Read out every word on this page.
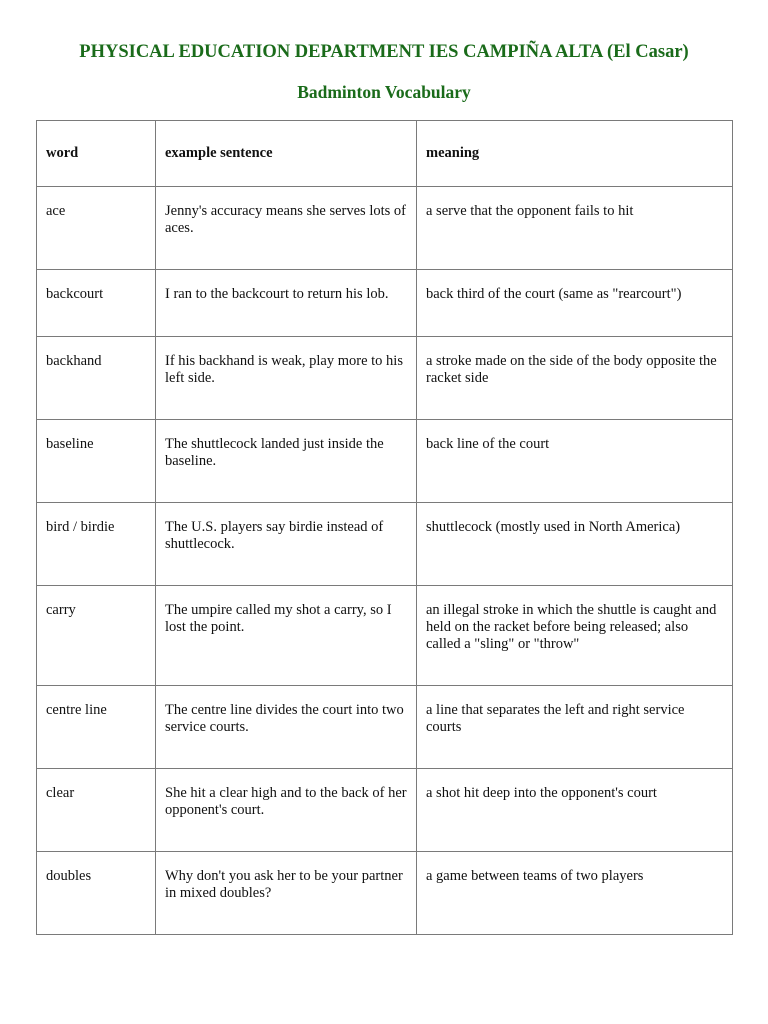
PHYSICAL EDUCATION DEPARTMENT IES CAMPIÑA ALTA (El Casar)
Badminton Vocabulary
word	example sentence	meaning
ace	Jenny's accuracy means she serves lots of aces.	a serve that the opponent fails to hit
backcourt	I ran to the backcourt to return his lob.	back third of the court (same as "rearcourt")
backhand	If his backhand is weak, play more to his left side.	a stroke made on the side of the body opposite the racket side
baseline	The shuttlecock landed just inside the baseline.	back line of the court
bird / birdie	The U.S. players say birdie instead of shuttlecock.	shuttlecock (mostly used in North America)
carry	The umpire called my shot a carry, so I lost the point.	an illegal stroke in which the shuttle is caught and held on the racket before being released; also called a "sling" or "throw"
centre line	The centre line divides the court into two service courts.	a line that separates the left and right service courts
clear	She hit a clear high and to the back of her opponent's court.	a shot hit deep into the opponent's court
doubles	Why don't you ask her to be your partner in mixed doubles?	a game between teams of two players
